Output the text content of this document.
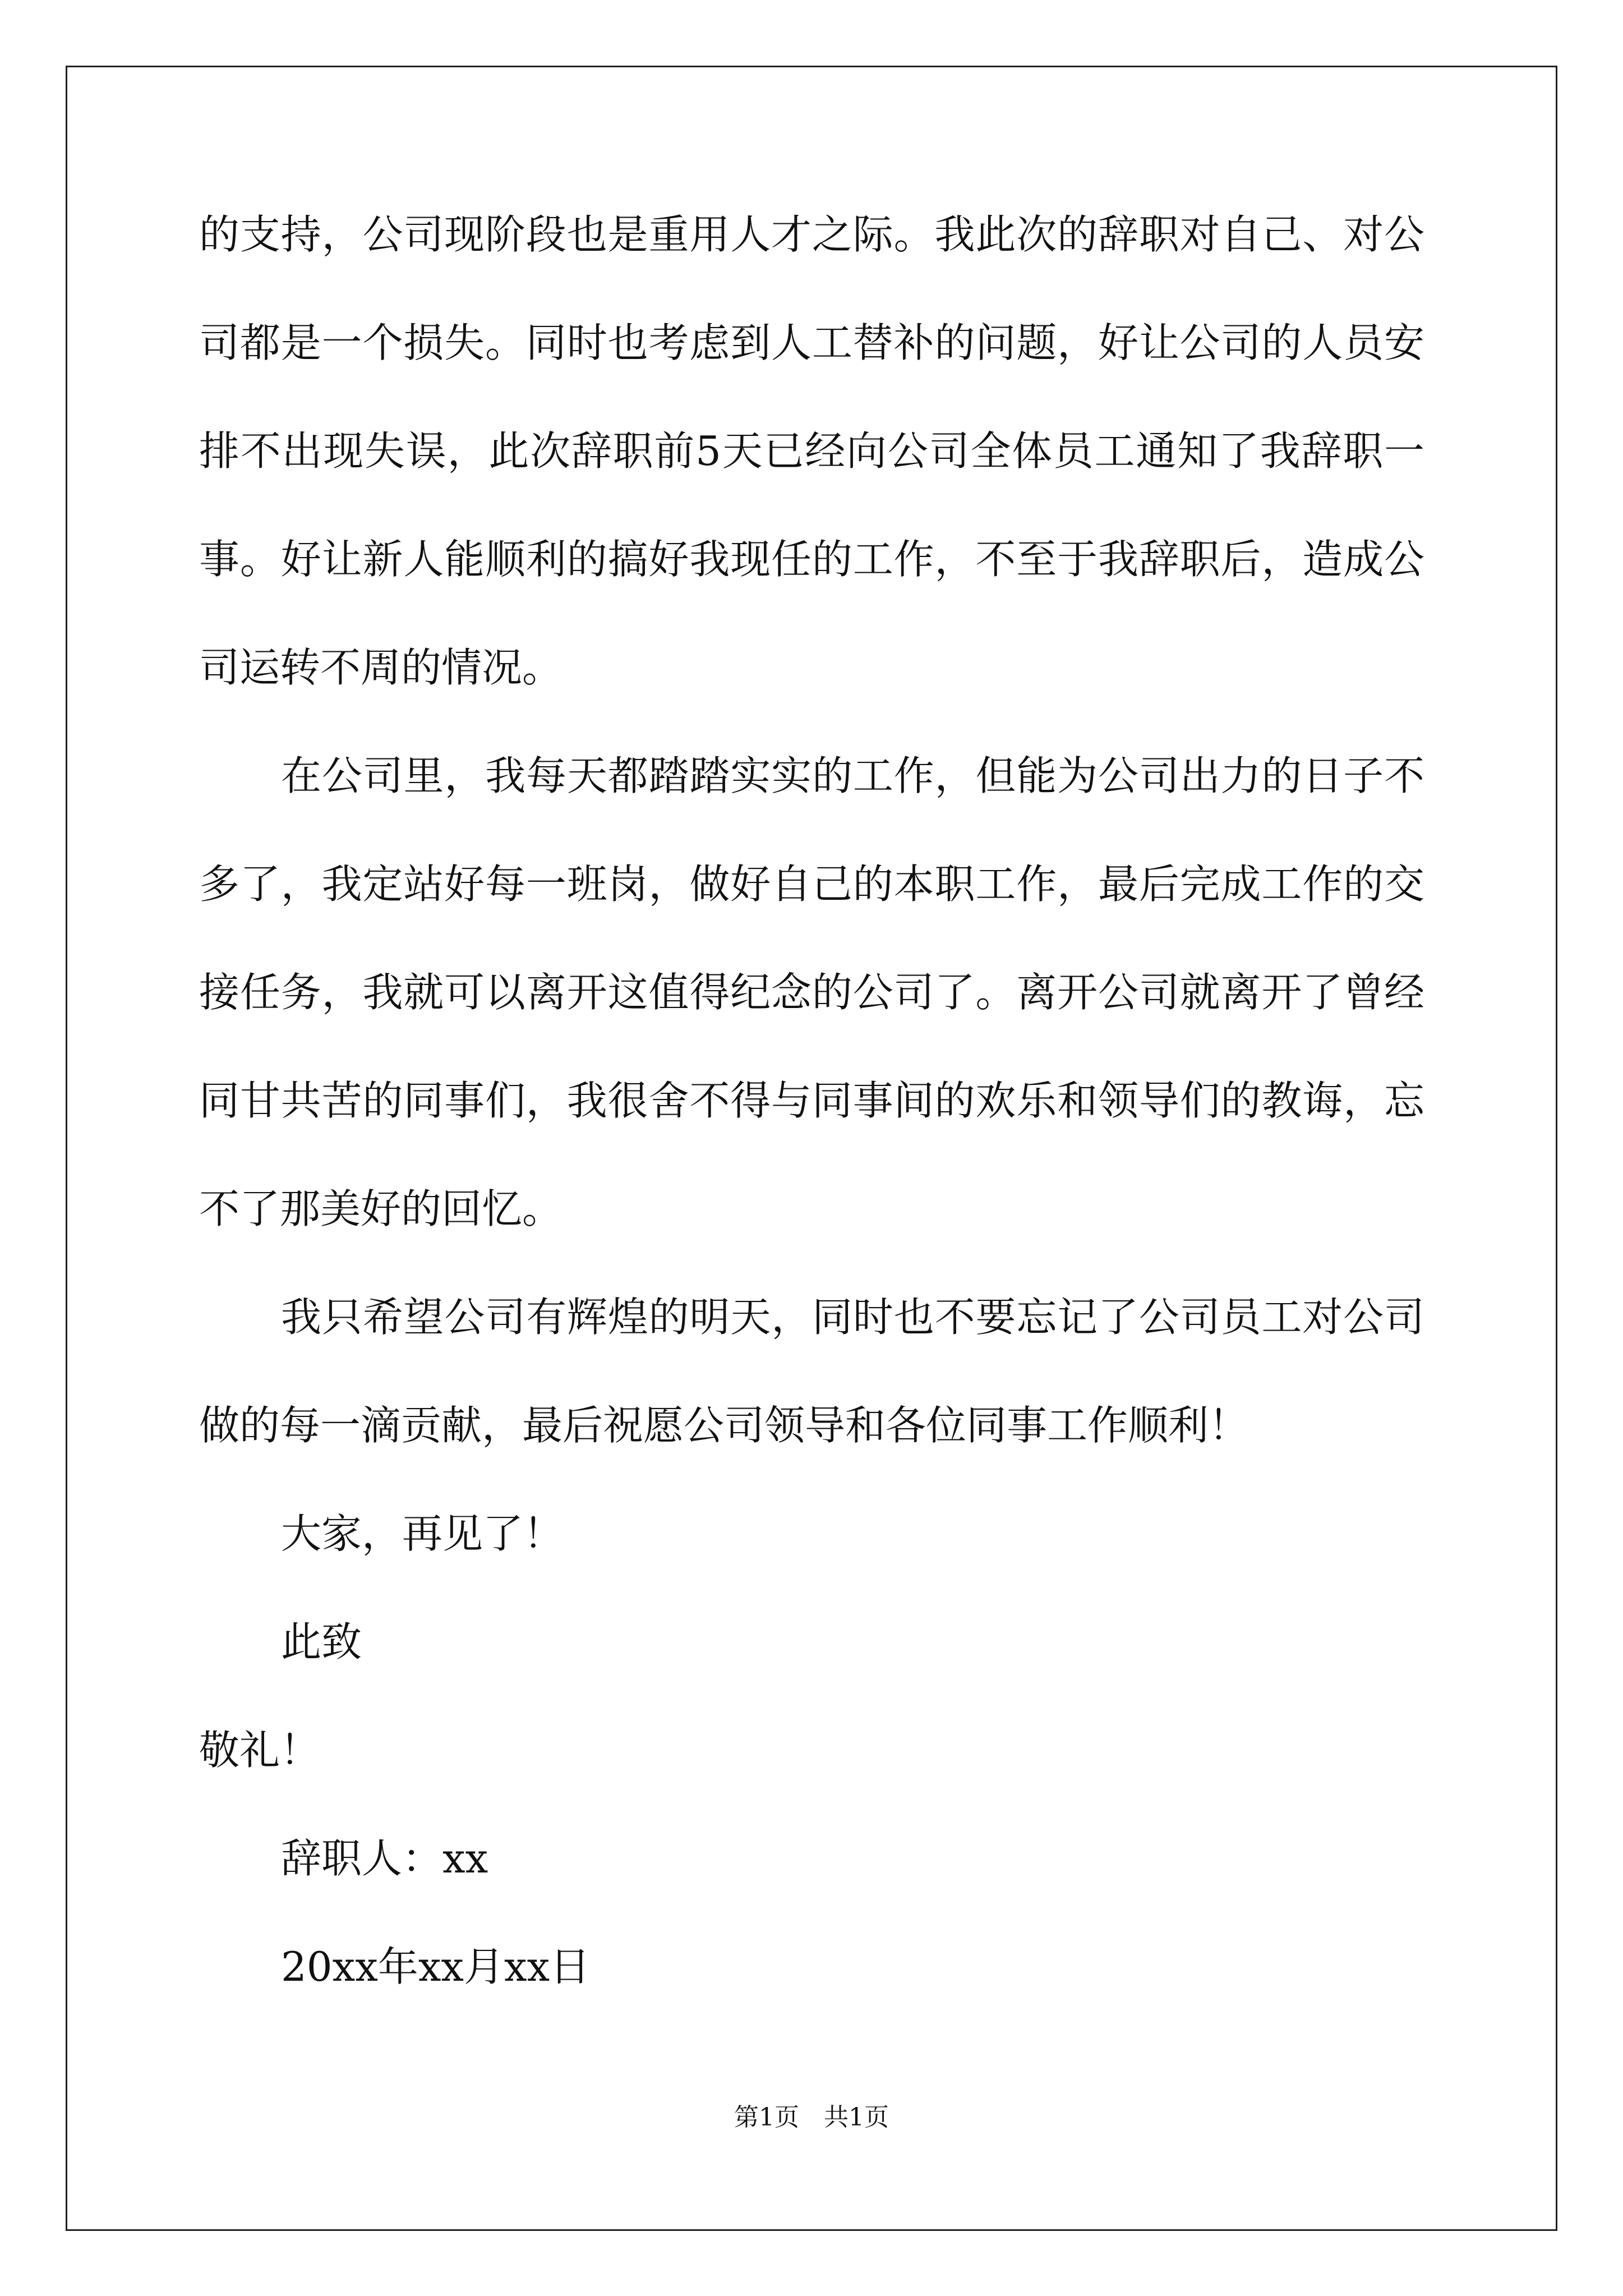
的支持，公司现阶段也是重用人才之际。我此次的辞职对自己、对公
司都是一个损失。同时也考虑到人工替补的问题，好让公司的人员安
排不出现失误，此次辞职前5天已经向公司全体员工通知了我辞职一
事。好让新人能顺利的搞好我现任的工作，不至于我辞职后，造成公
司运转不周的情况。
在公司里，我每天都踏踏实实的工作，但能为公司出力的日子不
多了，我定站好每一班岗，做好自己的本职工作，最后完成工作的交
接任务，我就可以离开这值得纪念的公司了。离开公司就离开了曾经
同甘共苦的同事们，我很舍不得与同事间的欢乐和领导们的教诲，忘
不了那美好的回忆。
我只希望公司有辉煌的明天，同时也不要忘记了公司员工对公司
做的每一滴贡献，最后祝愿公司领导和各位同事工作顺利！
大家，再见了！
此致
敬礼！
辞职人：xx
20xx年xx月xx日
第1页　共1页
